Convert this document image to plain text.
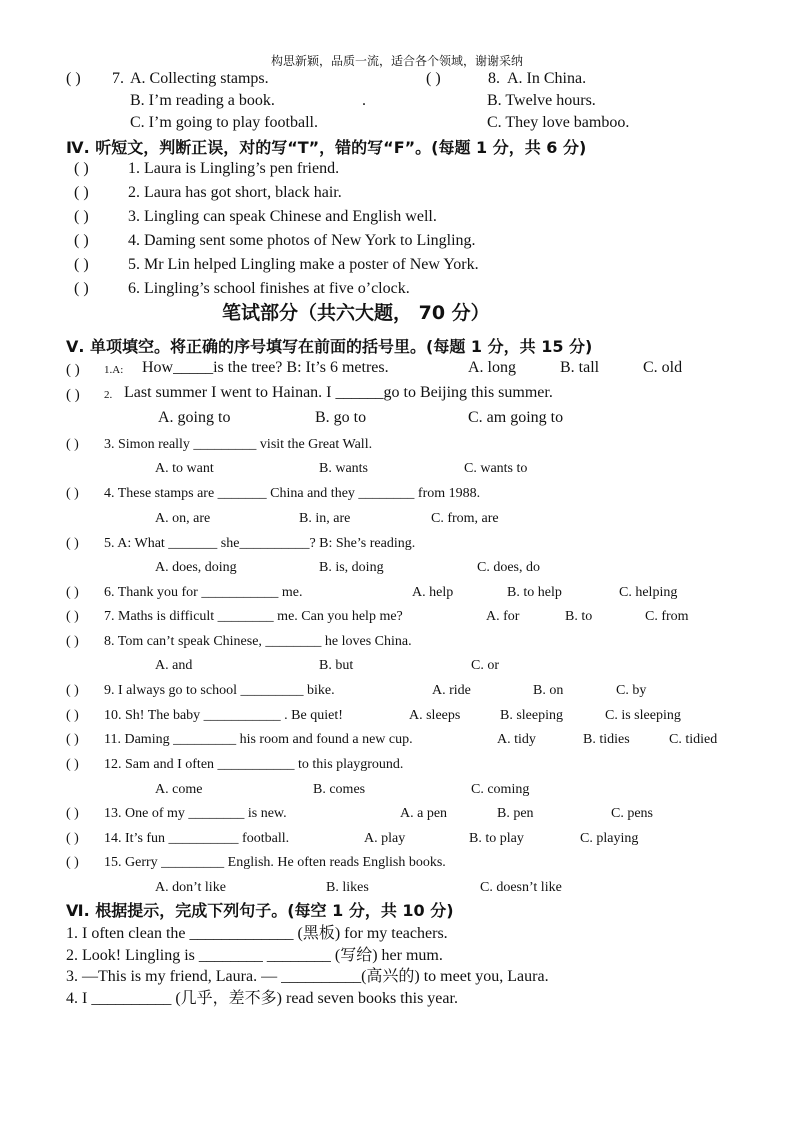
构思新颖，品质一流，适合各个领域，谢谢采纳
( ) 7. A. Collecting stamps.
B. I’m reading a book.
C. I’m going to play football.
.
( )	8. A. In China.
B. Twelve hours.
C. They love bamboo.
Ⅳ. 听短文，判断正误，对的写“T”，错的写“F”。(每题 1 分，共 6 分)
( ) 1. Laura is Lingling’s pen friend.
( ) 2. Laura has got short, black hair.
( ) 3. Lingling can speak Chinese and English well.
( ) 4. Daming sent some photos of New York to Lingling.
( ) 5. Mr Lin helped Lingling make a poster of New York.
( ) 6. Lingling’s school finishes at five o’clock.
笔试部分（共六大题， 70 分）
Ⅴ. 单项填空。将正确的序号填写在前面的括号里。(每题 1 分，共 15 分)
( ) 1.A: How_____is the tree? B: It’s 6 metres.	A. long	B. tall	C. old
( ) 2. Last summer I went to Hainan. I ______go to Beijing this summer.
A. going to	B. go to	C. am going to
( ) 3. Simon really _________ visit the Great Wall.
A. to want	B. wants	C. wants to
( ) 4. These stamps are _______ China and they ________ from 1988.
A. on, are	B. in, are	C. from, are
( ) 5. A: What _______ she__________? B: She’s reading.
A. does, doing	B. is, doing	C. does, do
( ) 6. Thank you for ___________ me.	A. help	B. to help	C. helping
( ) 7. Maths is difficult ________ me. Can you help me?	A. for	B. to	C. from
( ) 8. Tom can’t speak Chinese, ________ he loves China.
A. and	B. but	C. or
( ) 9. I always go to school _________ bike.	A. ride	B. on	C. by
( ) 10. Sh! The baby ___________ . Be quiet!	A. sleeps	B. sleeping	C. is sleeping
( ) 11. Daming _________ his room and found a new cup.	A. tidy	B. tidies	C. tidied
( ) 12. Sam and I often ___________ to this playground.
A. come	B. comes	C. coming
( ) 13. One of my ________ is new.	A. a pen	B. pen	C. pens
( ) 14. It’s fun __________ football.	A. play	B. to play	C. playing
( ) 15. Gerry _________ English. He often reads English books.
A. don’t like	B. likes	C. doesn’t like
Ⅵ. 根据提示，完成下列句子。(每空 1 分，共 10 分)
1. I often clean the _____________ (黑板) for my teachers.
2. Look! Lingling is ________ ________ (写给) her mum.
3. —This is my friend, Laura. — __________(高兴的) to meet you, Laura.
4. I __________ (几乎，差不多) read seven books this year.
